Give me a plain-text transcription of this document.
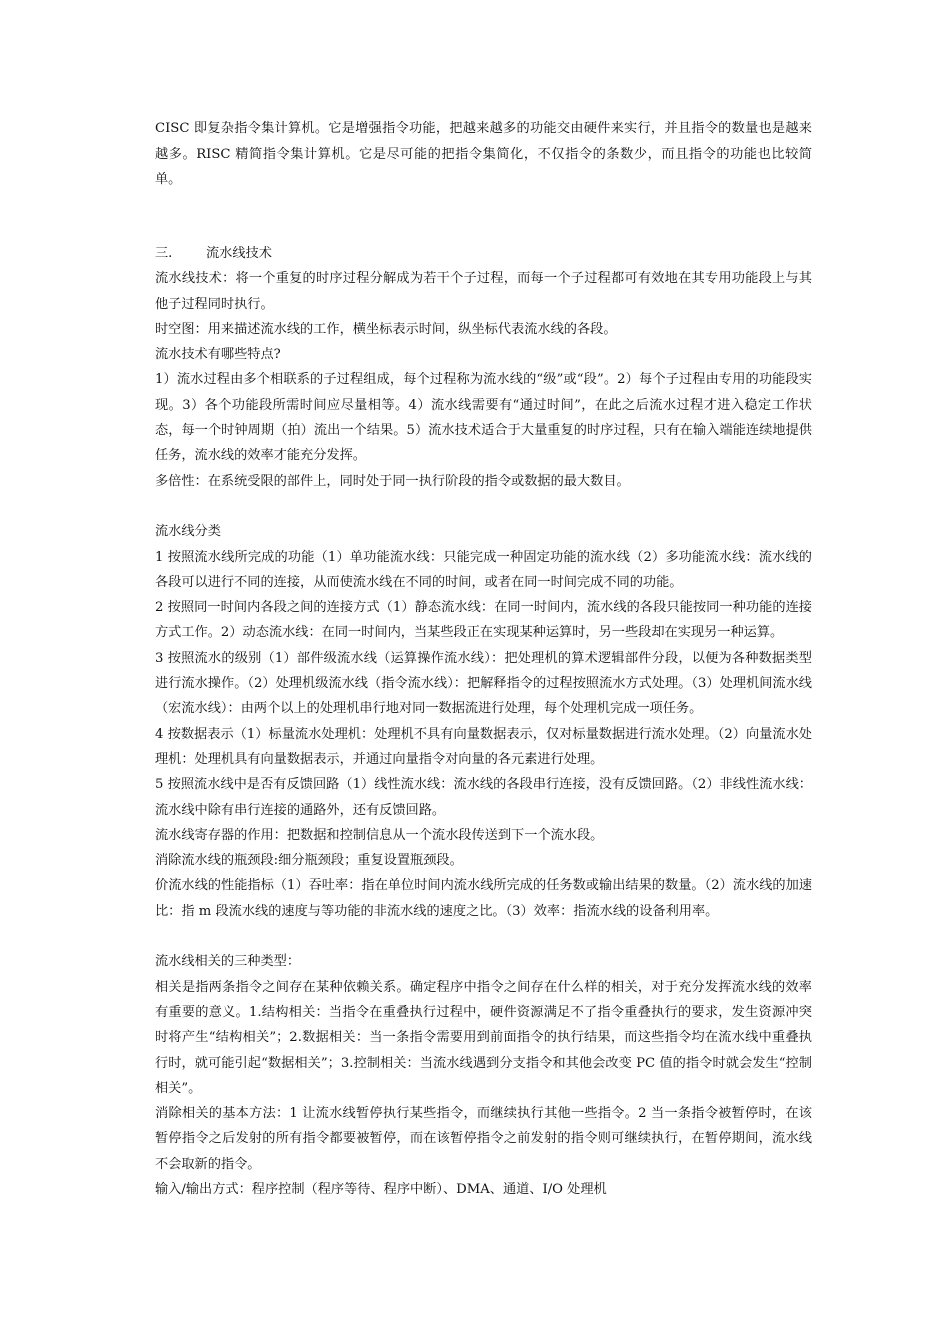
CISC 即复杂指令集计算机。它是增强指令功能，把越来越多的功能交由硬件来实行，并且指令的数量也是越来越多。RISC 精简指令集计算机。它是尽可能的把指令集简化，不仅指令的条数少，而且指令的功能也比较简单。

三.	流水线技术

流水线技术：将一个重复的时序过程分解成为若干个子过程，而每一个子过程都可有效地在其专用功能段上与其他子过程同时执行。

时空图：用来描述流水线的工作，横坐标表示时间，纵坐标代表流水线的各段。

流水技术有哪些特点?

1）流水过程由多个相联系的子过程组成，每个过程称为流水线的“级”或“段”。2）每个子过程由专用的功能段实现。3）各个功能段所需时间应尽量相等。4）流水线需要有“通过时间”，在此之后流水过程才进入稳定工作状态，每一个时钟周期（拍）流出一个结果。5）流水技术适合于大量重复的时序过程，只有在输入端能连续地提供任务，流水线的效率才能充分发挥。

多倍性：在系统受限的部件上，同时处于同一执行阶段的指令或数据的最大数目。

流水线分类

1 按照流水线所完成的功能（1）单功能流水线：只能完成一种固定功能的流水线（2）多功能流水线：流水线的各段可以进行不同的连接，从而使流水线在不同的时间，或者在同一时间完成不同的功能。

2 按照同一时间内各段之间的连接方式（1）静态流水线：在同一时间内，流水线的各段只能按同一种功能的连接方式工作。2）动态流水线：在同一时间内，当某些段正在实现某种运算时，另一些段却在实现另一种运算。

3 按照流水的级别（1）部件级流水线（运算操作流水线）：把处理机的算术逻辑部件分段，以便为各种数据类型进行流水操作。（2）处理机级流水线（指令流水线）：把解释指令的过程按照流水方式处理。（3）处理机间流水线（宏流水线）：由两个以上的处理机串行地对同一数据流进行处理，每个处理机完成一项任务。

4 按数据表示（1）标量流水处理机：处理机不具有向量数据表示，仅对标量数据进行流水处理。（2）向量流水处理机：处理机具有向量数据表示，并通过向量指令对向量的各元素进行处理。

5 按照流水线中是否有反馈回路（1）线性流水线：流水线的各段串行连接，没有反馈回路。（2）非线性流水线：流水线中除有串行连接的通路外，还有反馈回路。

流水线寄存器的作用：把数据和控制信息从一个流水段传送到下一个流水段。

消除流水线的瓶颈段:细分瓶颈段；重复设置瓶颈段。

价流水线的性能指标（1）吞吐率：指在单位时间内流水线所完成的任务数或输出结果的数量。（2）流水线的加速比：指 m 段流水线的速度与等功能的非流水线的速度之比。（3）效率：指流水线的设备利用率。

流水线相关的三种类型：

相关是指两条指令之间存在某种依赖关系。确定程序中指令之间存在什么样的相关，对于充分发挥流水线的效率有重要的意义。1.结构相关：当指令在重叠执行过程中，硬件资源满足不了指令重叠执行的要求，发生资源冲突时将产生“结构相关”；2.数据相关：当一条指令需要用到前面指令的执行结果，而这些指令均在流水线中重叠执行时，就可能引起“数据相关”；3.控制相关：当流水线遇到分支指令和其他会改变 PC 值的指令时就会发生“控制相关”。

消除相关的基本方法：1 让流水线暂停执行某些指令，而继续执行其他一些指令。2 当一条指令被暂停时，在该暂停指令之后发射的所有指令都要被暂停，而在该暂停指令之前发射的指令则可继续执行，在暂停期间，流水线不会取新的指令。

输入/输出方式：程序控制（程序等待、程序中断）、DMA、通道、I/O 处理机
